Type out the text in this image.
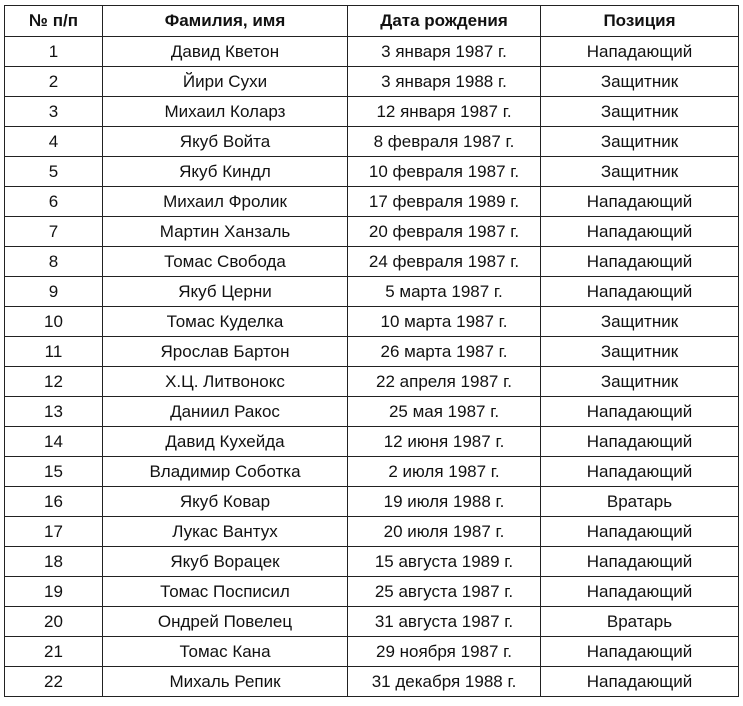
№ п/п	Фамилия, имя	Дата рождения	Позиция
1	Давид Кветон	3 января 1987 г.	Нападающий
2	Йири Сухи	3 января 1988 г.	Защитник
3	Михаил Коларз	12 января 1987 г.	Защитник
4	Якуб Войта	8 февраля 1987 г.	Защитник
5	Якуб Киндл	10 февраля 1987 г.	Защитник
6	Михаил Фролик	17 февраля 1989 г.	Нападающий
7	Мартин Ханзаль	20 февраля 1987 г.	Нападающий
8	Томас Свобода	24 февраля 1987 г.	Нападающий
9	Якуб Церни	5 марта 1987 г.	Нападающий
10	Томас Куделка	10 марта 1987 г.	Защитник
11	Ярослав Бартон	26 марта 1987 г.	Защитник
12	Х.Ц. Литвонокс	22 апреля 1987 г.	Защитник
13	Даниил Ракос	25 мая 1987 г.	Нападающий
14	Давид Кухейда	12 июня 1987 г.	Нападающий
15	Владимир Соботка	2 июля 1987 г.	Нападающий
16	Якуб Ковар	19 июля 1988 г.	Вратарь
17	Лукас Вантух	20 июля 1987 г.	Нападающий
18	Якуб Ворацек	15 августа 1989 г.	Нападающий
19	Томас Посписил	25 августа 1987 г.	Нападающий
20	Ондрей Повелец	31 августа 1987 г.	Вратарь
21	Томас Кана	29 ноября 1987 г.	Нападающий
22	Михаль Репик	31 декабря 1988 г.	Нападающий
